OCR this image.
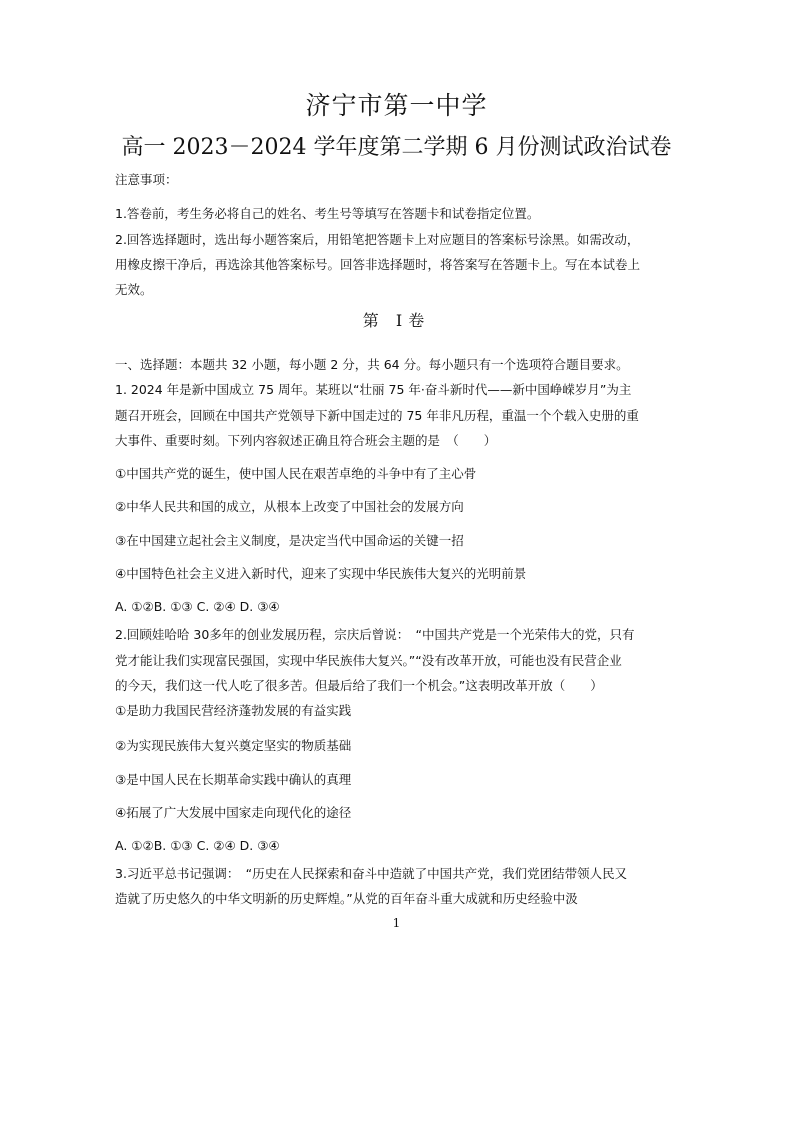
济宁市第一中学
高一 2023－2024 学年度第二学期 6 月份测试政治试卷
注意事项：
1.答卷前，考生务必将自己的姓名、考生号等填写在答题卡和试卷指定位置。
2.回答选择题时，选出每小题答案后，用铅笔把答题卡上对应题目的答案标号涂黑。如需改动，
用橡皮擦干净后，再选涂其他答案标号。回答非选择题时，将答案写在答题卡上。写在本试卷上
无效。
第 Ⅰ卷
一、选择题：本题共 32 小题，每小题 2 分，共 64 分。每小题只有一个选项符合题目要求。
1. 2024 年是新中国成立 75 周年。某班以“壮丽 75 年·奋斗新时代——新中国峥嵘岁月”为主
题召开班会，回顾在中国共产党领导下新中国走过的 75 年非凡历程，重温一个个载入史册的重
大事件、重要时刻。下列内容叙述正确且符合班会主题的是　（　　）
①中国共产党的诞生，使中国人民在艰苦卓绝的斗争中有了主心骨
②中华人民共和国的成立，从根本上改变了中国社会的发展方向
③在中国建立起社会主义制度，是决定当代中国命运的关键一招
④中国特色社会主义进入新时代，迎来了实现中华民族伟大复兴的光明前景
A. ①②B. ①③ C. ②④ D. ③④
2.回顾娃哈哈 30多年的创业发展历程，宗庆后曾说：　“中国共产党是一个光荣伟大的党，只有
党才能让我们实现富民强国，实现中华民族伟大复兴。”“没有改革开放，可能也没有民营企业
的今天，我们这一代人吃了很多苦。但最后给了我们一个机会。”这表明改革开放（　　）
①是助力我国民营经济蓬勃发展的有益实践
②为实现民族伟大复兴奠定坚实的物质基础
③是中国人民在长期革命实践中确认的真理
④拓展了广大发展中国家走向现代化的途径
A. ①②B. ①③ C. ②④ D. ③④
3.习近平总书记强调：　“历史在人民探索和奋斗中造就了中国共产党，我们党团结带领人民又
造就了历史悠久的中华文明新的历史辉煌。”从党的百年奋斗重大成就和历史经验中汲
1
